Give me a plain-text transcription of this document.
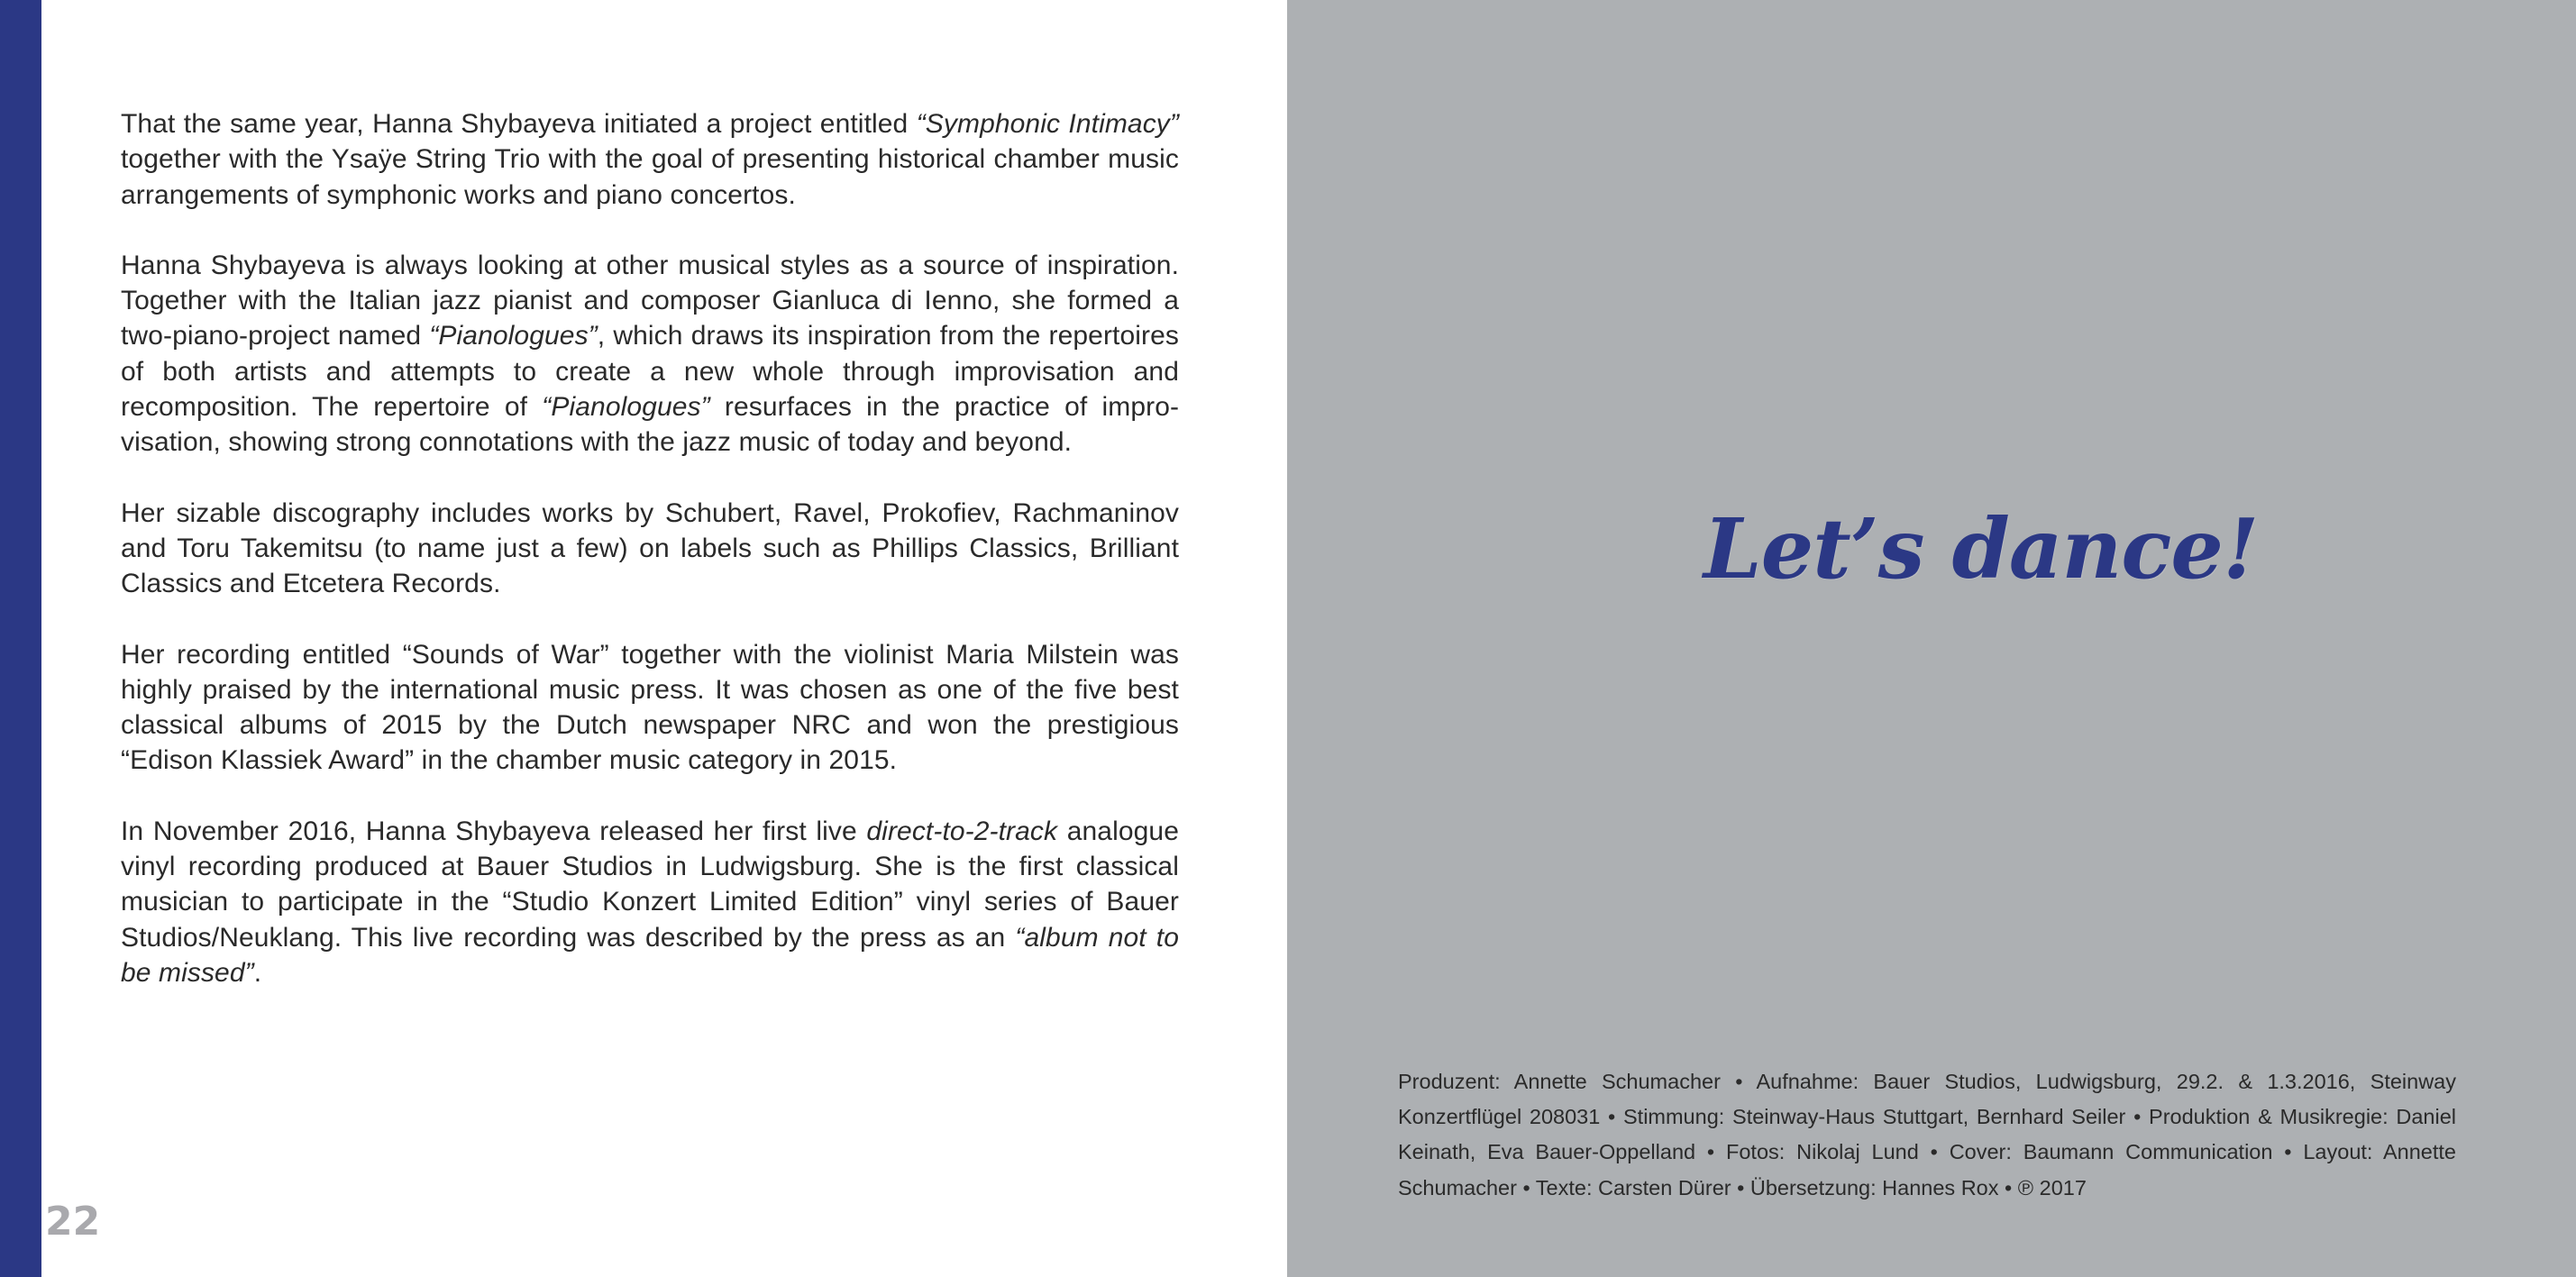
That the same year, Hanna Shybayeva initiated a project entitled “Symphonic Intimacy” together with the Ysaÿe String Trio with the goal of presenting historical chamber music arrangements of symphonic works and piano concertos.

Hanna Shybayeva is always looking at other musical styles as a source of inspiration. Together with the Italian jazz pianist and composer Gianluca di Ienno, she formed a two-piano-project named “Pianologues”, which draws its inspiration from the repertoires of both artists and attempts to create a new whole through improvisation and recomposition. The repertoire of “Pianologues” resurfaces in the practice of improvisation, showing strong connotations with the jazz music of today and beyond.

Her sizable discography includes works by Schubert, Ravel, Prokofiev, Rachmaninov and Toru Takemitsu (to name just a few) on labels such as Phillips Classics, Brilliant Classics and Etcetera Records.

Her recording entitled “Sounds of War” together with the violinist Maria Milstein was highly praised by the international music press. It was chosen as one of the five best classical albums of 2015 by the Dutch newspaper NRC and won the prestigious “Edison Klassiek Award” in the chamber music category in 2015.

In November 2016, Hanna Shybayeva released her first live direct-to-2-track analogue vinyl recording produced at Bauer Studios in Ludwigsburg. She is the first classical musician to participate in the “Studio Konzert Limited Edition” vinyl series of Bauer Studios/Neuklang. This live recording was described by the press as an “album not to be missed”.

22
Let’s dance!
Produzent: Annette Schumacher • Aufnahme: Bauer Studios, Ludwigsburg, 29.2. & 1.3.2016, Steinway Konzertflügel 208031 • Stimmung: Steinway-Haus Stuttgart, Bernhard Seiler • Produktion & Musikregie: Daniel Keinath, Eva Bauer-Oppelland • Fotos: Nikolaj Lund • Cover: Baumann Communication • Layout: Annette Schumacher • Texte: Carsten Dürer • Übersetzung: Hannes Rox • ℗ 2017
